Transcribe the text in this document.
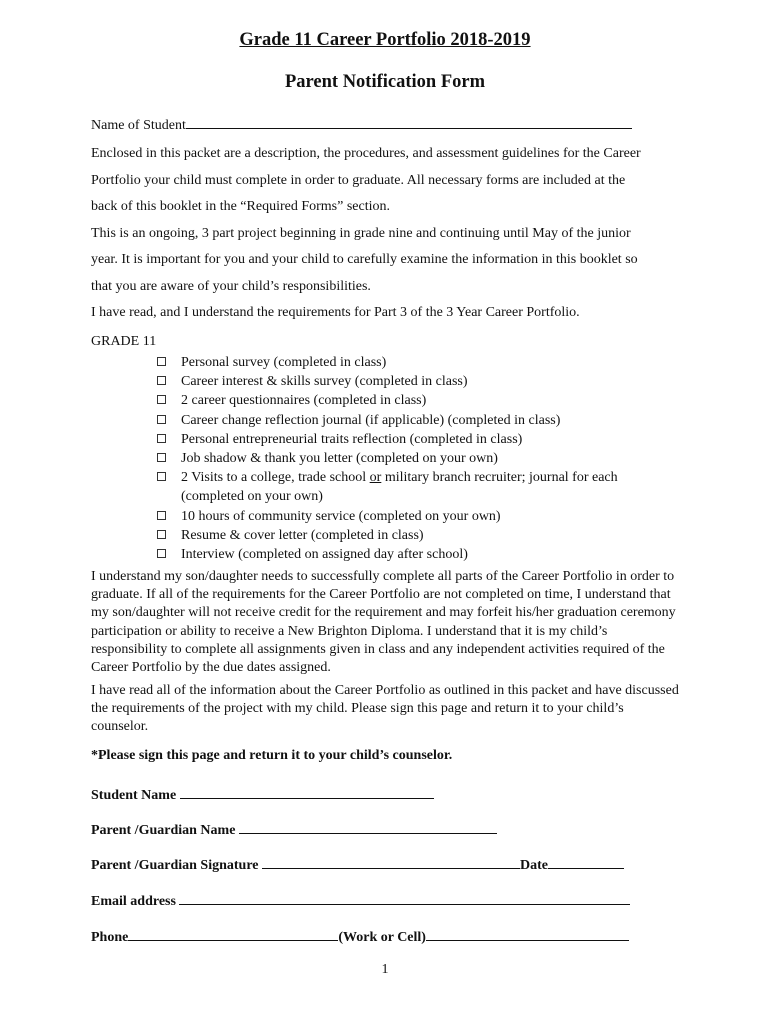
Grade 11 Career Portfolio 2018-2019
Parent Notification Form
Name of Student
Enclosed in this packet are a description, the procedures, and assessment guidelines for the Career
Portfolio your child must complete in order to graduate. All necessary forms are included at the
back of this booklet in the “Required Forms” section.
This is an ongoing, 3 part project beginning in grade nine and continuing until May of the junior
year. It is important for you and your child to carefully examine the information in this booklet so
that you are aware of your child’s responsibilities.
I have read, and I understand the requirements for Part 3 of the 3 Year Career Portfolio.
GRADE 11
Personal survey (completed in class)
Career interest & skills survey (completed in class)
2 career questionnaires (completed in class)
Career change reflection journal (if applicable) (completed in class)
Personal entrepreneurial traits reflection (completed in class)
Job shadow & thank you letter (completed on your own)
2 Visits to a college, trade school or military branch recruiter; journal for each
(completed on your own)
10 hours of community service (completed on your own)
Resume & cover letter (completed in class)
Interview (completed on assigned day after school)
I understand my son/daughter needs to successfully complete all parts of the Career Portfolio in order to graduate. If all of the requirements for the Career Portfolio are not completed on time, I understand that my son/daughter will not receive credit for the requirement and may forfeit his/her graduation ceremony participation or ability to receive a New Brighton Diploma. I understand that it is my child’s responsibility to complete all assignments given in class and any independent activities required of the Career Portfolio by the due dates assigned.
I have read all of the information about the Career Portfolio as outlined in this packet and have discussed the requirements of the project with my child. Please sign this page and return it to your child’s counselor.
*Please sign this page and return it to your child’s counselor.
Student Name
Parent /Guardian Name
Parent /Guardian Signature	Date
Email address
Phone	(Work or Cell)
1
